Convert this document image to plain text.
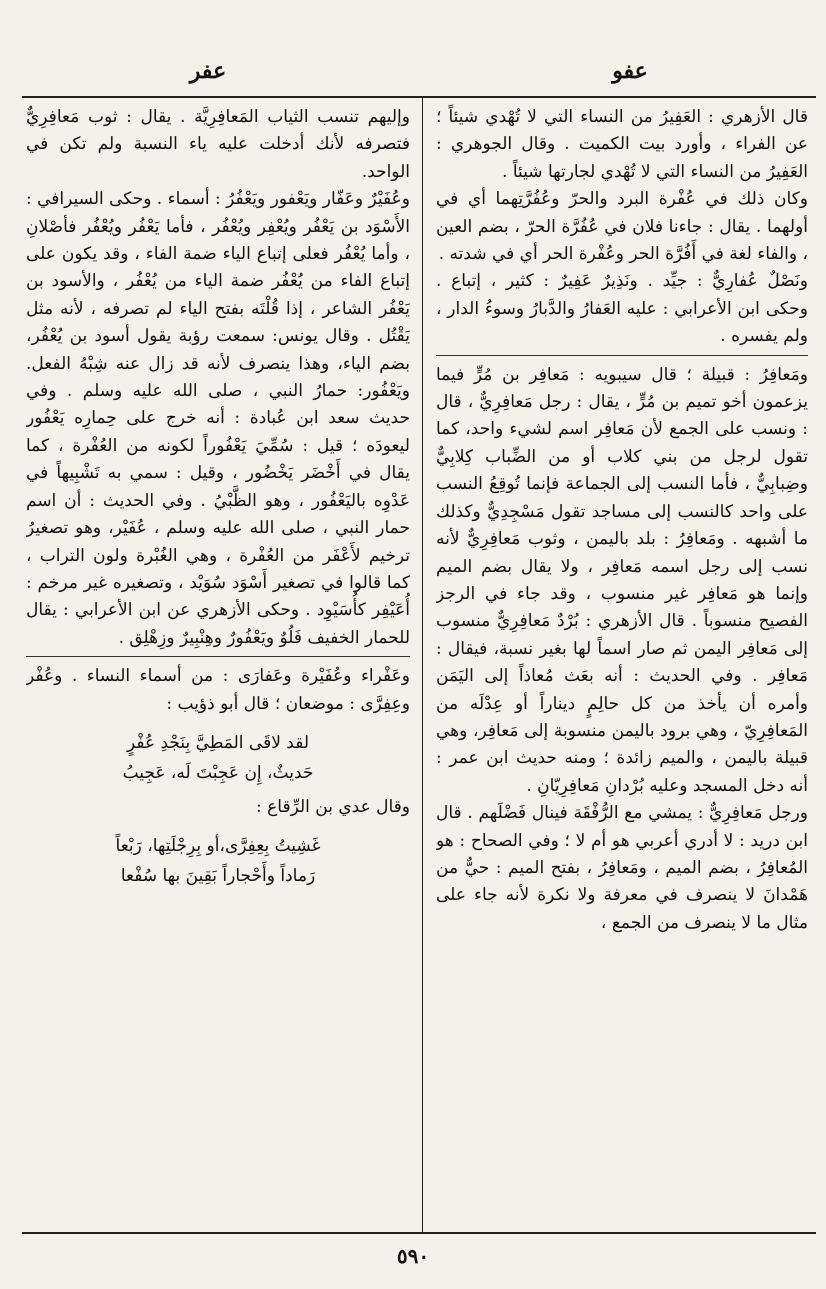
عفو
عفر

قال الأزهري : العَفِيرُ من النساء التي لا تُهْدي شيئاً ؛ عن الفراء ، وأورد بيت الكميت . وقال الجوهري : العَفِيرُ من النساء التي لا تُهْدي لجارتها شيئاً .

وكان ذلك في عُفْرة البرد والحرّ وعُفُرَّتِهما أي في أولهما . يقال : جاءنا فلان في عُفُرَّة الحرّ ، بضم العين ، والفاء لغة في أَفُرَّة الحر وعُفْرة الحر أي في شدته .

ونَصْلٌ عُفارِيٌّ : جيِّد . ونَذِيرٌ عَفِيرٌ : كثير ، إتباع . وحكى ابن الأعرابي : عليه العَفارُ والدَّبارُ وسوءُ الدار ، ولم يفسره .

ومَعافِرُ : قبيلة ؛ قال سيبويه : مَعافِر بن مُرٍّ فيما يزعمون أخو تميم بن مُرٍّ ، يقال : رجل مَعافِرِيٌّ ، قال : ونسب على الجمع لأن مَعافِر اسم لشيء واحد، كما تقول لرجل من بني كلاب أو من الضِّباب كِلابِيٌّ وضِبابِيٌّ ، فأما النسب إلى الجماعة فإنما تُوقِعُ النسب على واحد كالنسب إلى مساجد تقول مَسْجِدِيٌّ وكذلك ما أشبهه . ومَعافِرُ : بلد باليمن ، وثوب مَعافِرِيٌّ لأنه نسب إلى رجل اسمه مَعافِر ، ولا يقال بضم الميم وإنما هو مَعافِر غير منسوب ، وقد جاء في الرجز الفصيح منسوباً . قال الأزهري : بُرْدٌ مَعافِرِيٌّ منسوب إلى مَعافِر اليمن ثم صار اسماً لها بغير نسبة، فيقال : مَعافِر . وفي الحديث : أنه بعَث مُعاذاً إلى اليَمَن وأمره أن يأخذ من كل حالِمٍ ديناراً أو عِدْلَه من المَعافِرِيّ ، وهي برود باليمن منسوبة إلى مَعافِر، وهي قبيلة باليمن ، والميم زائدة ؛ ومنه حديث ابن عمر : أنه دخل المسجد وعليه بُرْدانِ مَعافِرِيّانِ .

ورجل مَعافِرِيٌّ : يمشي مع الرُّفْقَة فينال فَضْلَهم . قال ابن دريد : لا أدري أعربي هو أم لا ؛ وفي الصحاح : هو المُعافِرُ ، بضم الميم ، ومَعافِرُ ، بفتح الميم : حيٌّ من هَمْدانَ لا ينصرف في معرفة ولا نكرة لأنه جاء على مثال ما لا ينصرف من الجمع ،

وإليهم تنسب الثياب المَعافِرِيَّة . يقال : ثوب مَعافِرِيٌّ فتصرفه لأنك أدخلت عليه ياء النسبة ولم تكن في الواحد.

وعُفَيْرٌ وعَفّار ويَعْفور ويَعْفُرُ : أسماء . وحكى السيرافي : الأَسْوَد بن يَعْفُر ويُعْفِر ويُعْفُر ، فأما يَعْفُر ويُعْفُر فأصْلانِ ، وأما يُعْفُر فعلى إتباع الياء ضمة الفاء ، وقد يكون على إتباع الفاء من يُعْفُر ضمة الياء من يُعْفُر ، والأسود بن يَعْفُر الشاعر ، إذا قُلْتَه بفتح الياء لم تصرفه ، لأنه مثل يَقْتُل . وقال يونس: سمعت رؤبة يقول أسود بن يُعْفُر، بضم الياء، وهذا ينصرف لأنه قد زال عنه شِبْهُ الفعل. ويَعْفُور: حمارُ النبي ، صلى الله عليه وسلم . وفي حديث سعد ابن عُبادة : أنه خرج على حِمارِه يَعْفُور ليعودَه ؛ قيل : سُمِّيَ يَعْفُوراً لكونه من العُفْرة ، كما يقال في أَخْضَر يَخْضُور ، وقيل : سمي به تَشْبِيهاً في عَدْوِه باليَعْفُور ، وهو الظَّبْيُ . وفي الحديث : أن اسم حمار النبي ، صلى الله عليه وسلم ، عُفَيْر، وهو تصغيرُ ترخيم لأَعْفَر من العُفْرة ، وهي الغُبْرة ولون التراب ، كما قالوا في تصغير أَسْوَد سُوَيْد ، وتصغيره غير مرخم : أُعَيْفِر كأُسَيْوِد . وحكى الأزهري عن ابن الأعرابي : يقال للحمار الخفيف فَلُوٌ ويَعْفُورٌ وهِنْبِيرٌ وزِهْلِق .

وعَفْراء وعُفَيْرة وعَفارَى : من أسماء النساء . وعُفْر وعِفِرَّى : موضعان ؛ قال أبو ذؤيب :

لقد لاقَى المَطِيَّ بِنَجْدِ عُفْرٍ
حَديثٌ، إِن عَجِبْتَ لَه، عَجِيبُ

وقال عدي بن الرِّقاع :

غَشِيتُ بِعِفِرَّى،أو بِرِجْلَتِها، رَبْعاً
رَماداً وأَحْجاراً بَقِينَ بها سُفْعا
٥٩٠
